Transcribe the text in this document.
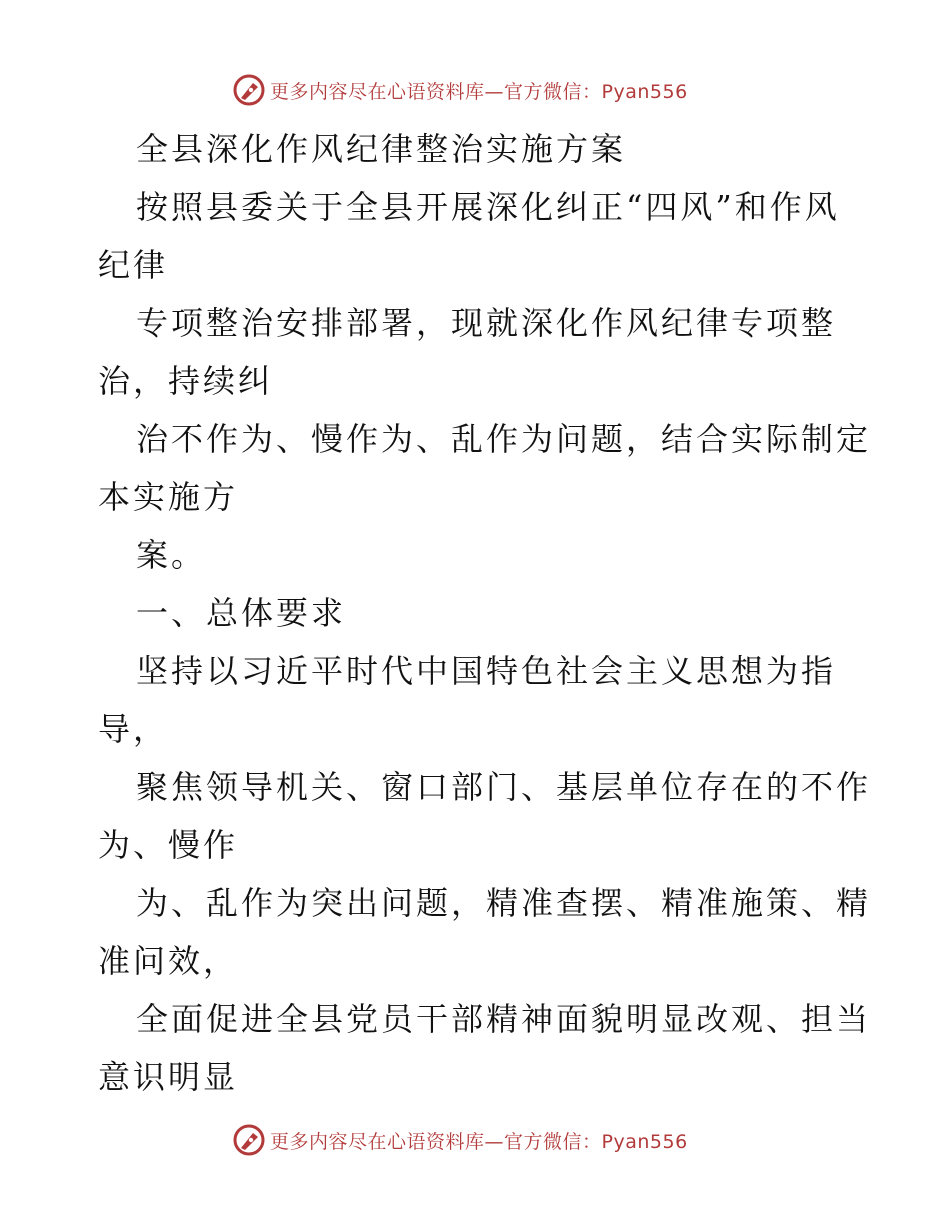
更多内容尽在心语资料库—官方微信：Pyan556
全县深化作风纪律整治实施方案
按照县委关于全县开展深化纠正“四风”和作风
纪律
专项整治安排部署，现就深化作风纪律专项整
治，持续纠
治不作为、慢作为、乱作为问题，结合实际制定
本实施方
案。
一、总体要求
坚持以习近平时代中国特色社会主义思想为指
导，
聚焦领导机关、窗口部门、基层单位存在的不作
为、慢作
为、乱作为突出问题，精准查摆、精准施策、精
准问效，
全面促进全县党员干部精神面貌明显改观、担当
意识明显
更多内容尽在心语资料库—官方微信：Pyan556
